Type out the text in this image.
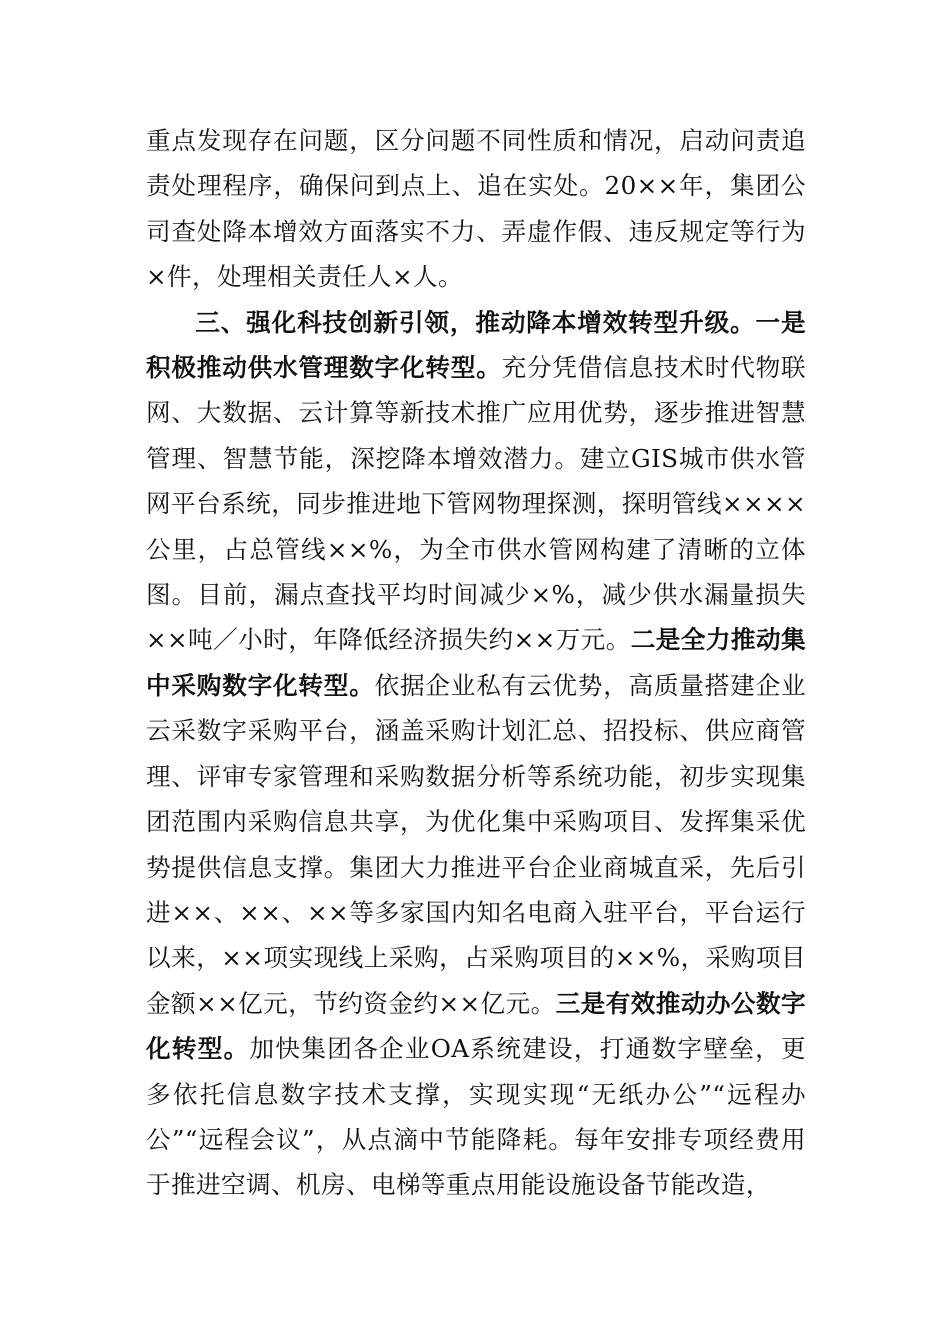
重点发现存在问题，区分问题不同性质和情况，启动问责追责处理程序，确保问到点上、追在实处。20××年，集团公司查处降本增效方面落实不力、弄虚作假、违反规定等行为×件，处理相关责任人×人。

三、强化科技创新引领，推动降本增效转型升级。一是积极推动供水管理数字化转型。充分凭借信息技术时代物联网、大数据、云计算等新技术推广应用优势，逐步推进智慧管理、智慧节能，深挖降本增效潜力。建立GIS城市供水管网平台系统，同步推进地下管网物理探测，探明管线××××公里，占总管线××%，为全市供水管网构建了清晰的立体图。目前，漏点查找平均时间减少×%，减少供水漏量损失××吨／小时，年降低经济损失约××万元。二是全力推动集中采购数字化转型。依据企业私有云优势，高质量搭建企业云采数字采购平台，涵盖采购计划汇总、招投标、供应商管理、评审专家管理和采购数据分析等系统功能，初步实现集团范围内采购信息共享，为优化集中采购项目、发挥集采优势提供信息支撑。集团大力推进平台企业商城直采，先后引进××、××、××等多家国内知名电商入驻平台，平台运行以来，××项实现线上采购，占采购项目的××%，采购项目金额××亿元，节约资金约××亿元。三是有效推动办公数字化转型。加快集团各企业OA系统建设，打通数字壁垒，更多依托信息数字技术支撑，实现实现“无纸办公”“远程办公”“远程会议”，从点滴中节能降耗。每年安排专项经费用于推进空调、机房、电梯等重点用能设施设备节能改造，
